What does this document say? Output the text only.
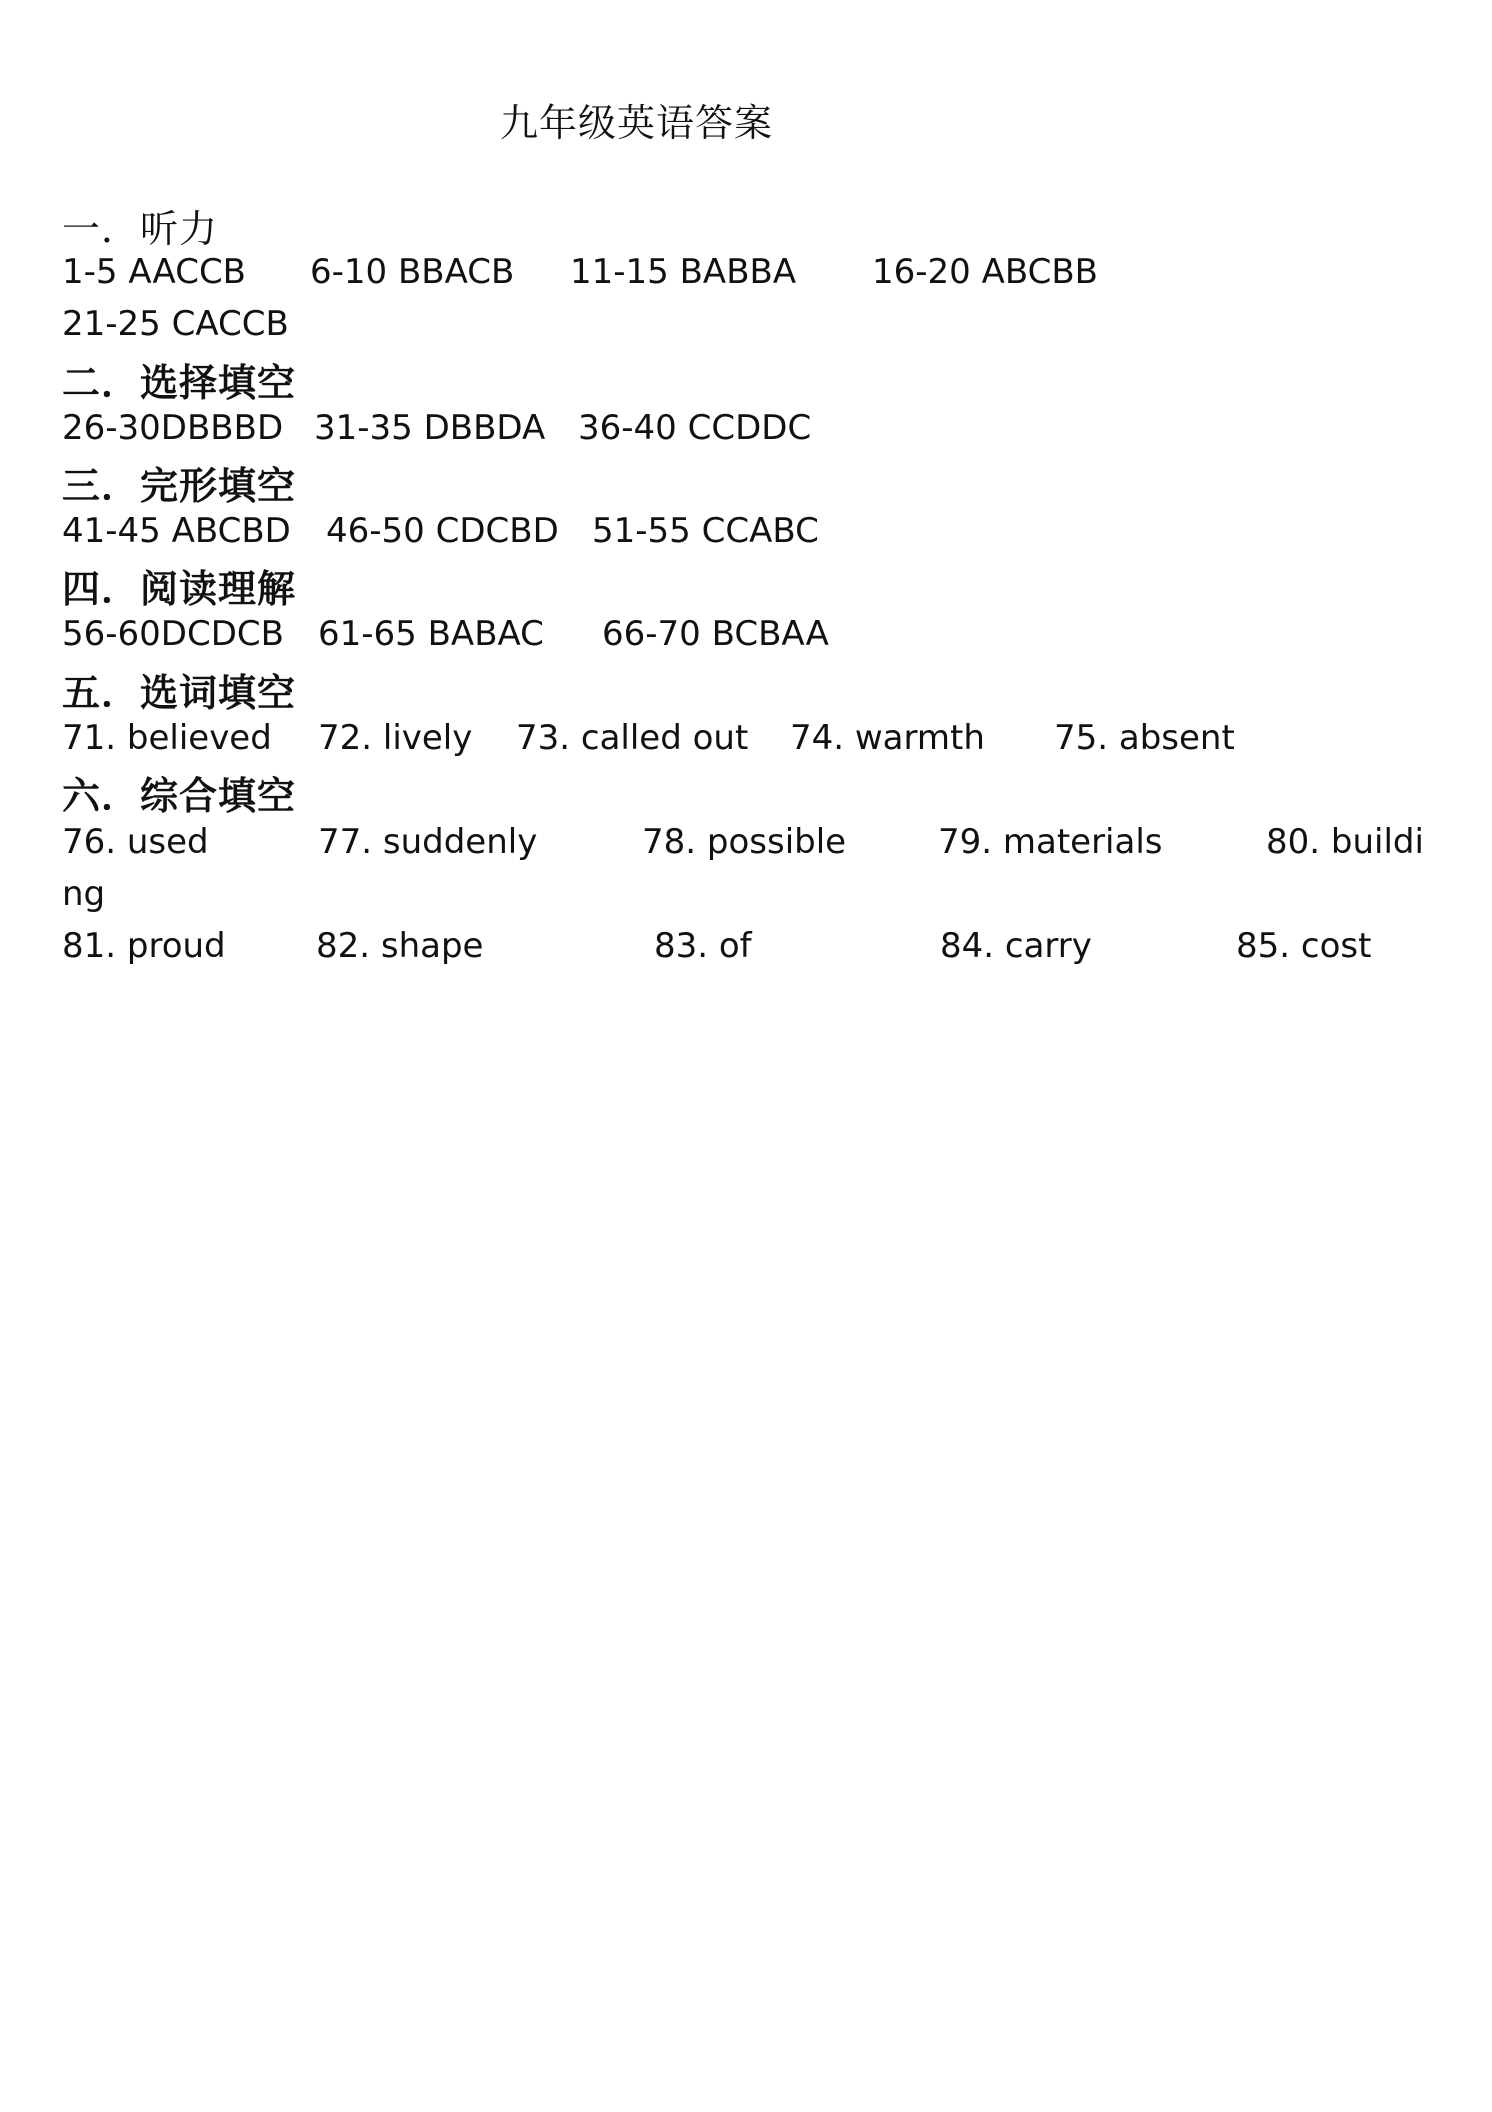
九年级英语答案
一．听力
1-5 AACCB 6-10 BBACB 11-15 BABBA 16-20 ABCBB
21-25 CACCB
二．选择填空
26-30DBBBD 31-35 DBBDA 36-40 CCDDC
三．完形填空
41-45 ABCBD 46-50 CDCBD 51-55 CCABC
四．阅读理解
56-60DCDCB 61-65 BABAC 66-70 BCBAA
五．选词填空
71. believed 72. lively 73. called out 74. warmth 75. absent
六．综合填空
76. used	77. suddenly	78. possible	79. materials	80. buildi
ng
81. proud	82. shape	83. of	84. carry	85. cost
